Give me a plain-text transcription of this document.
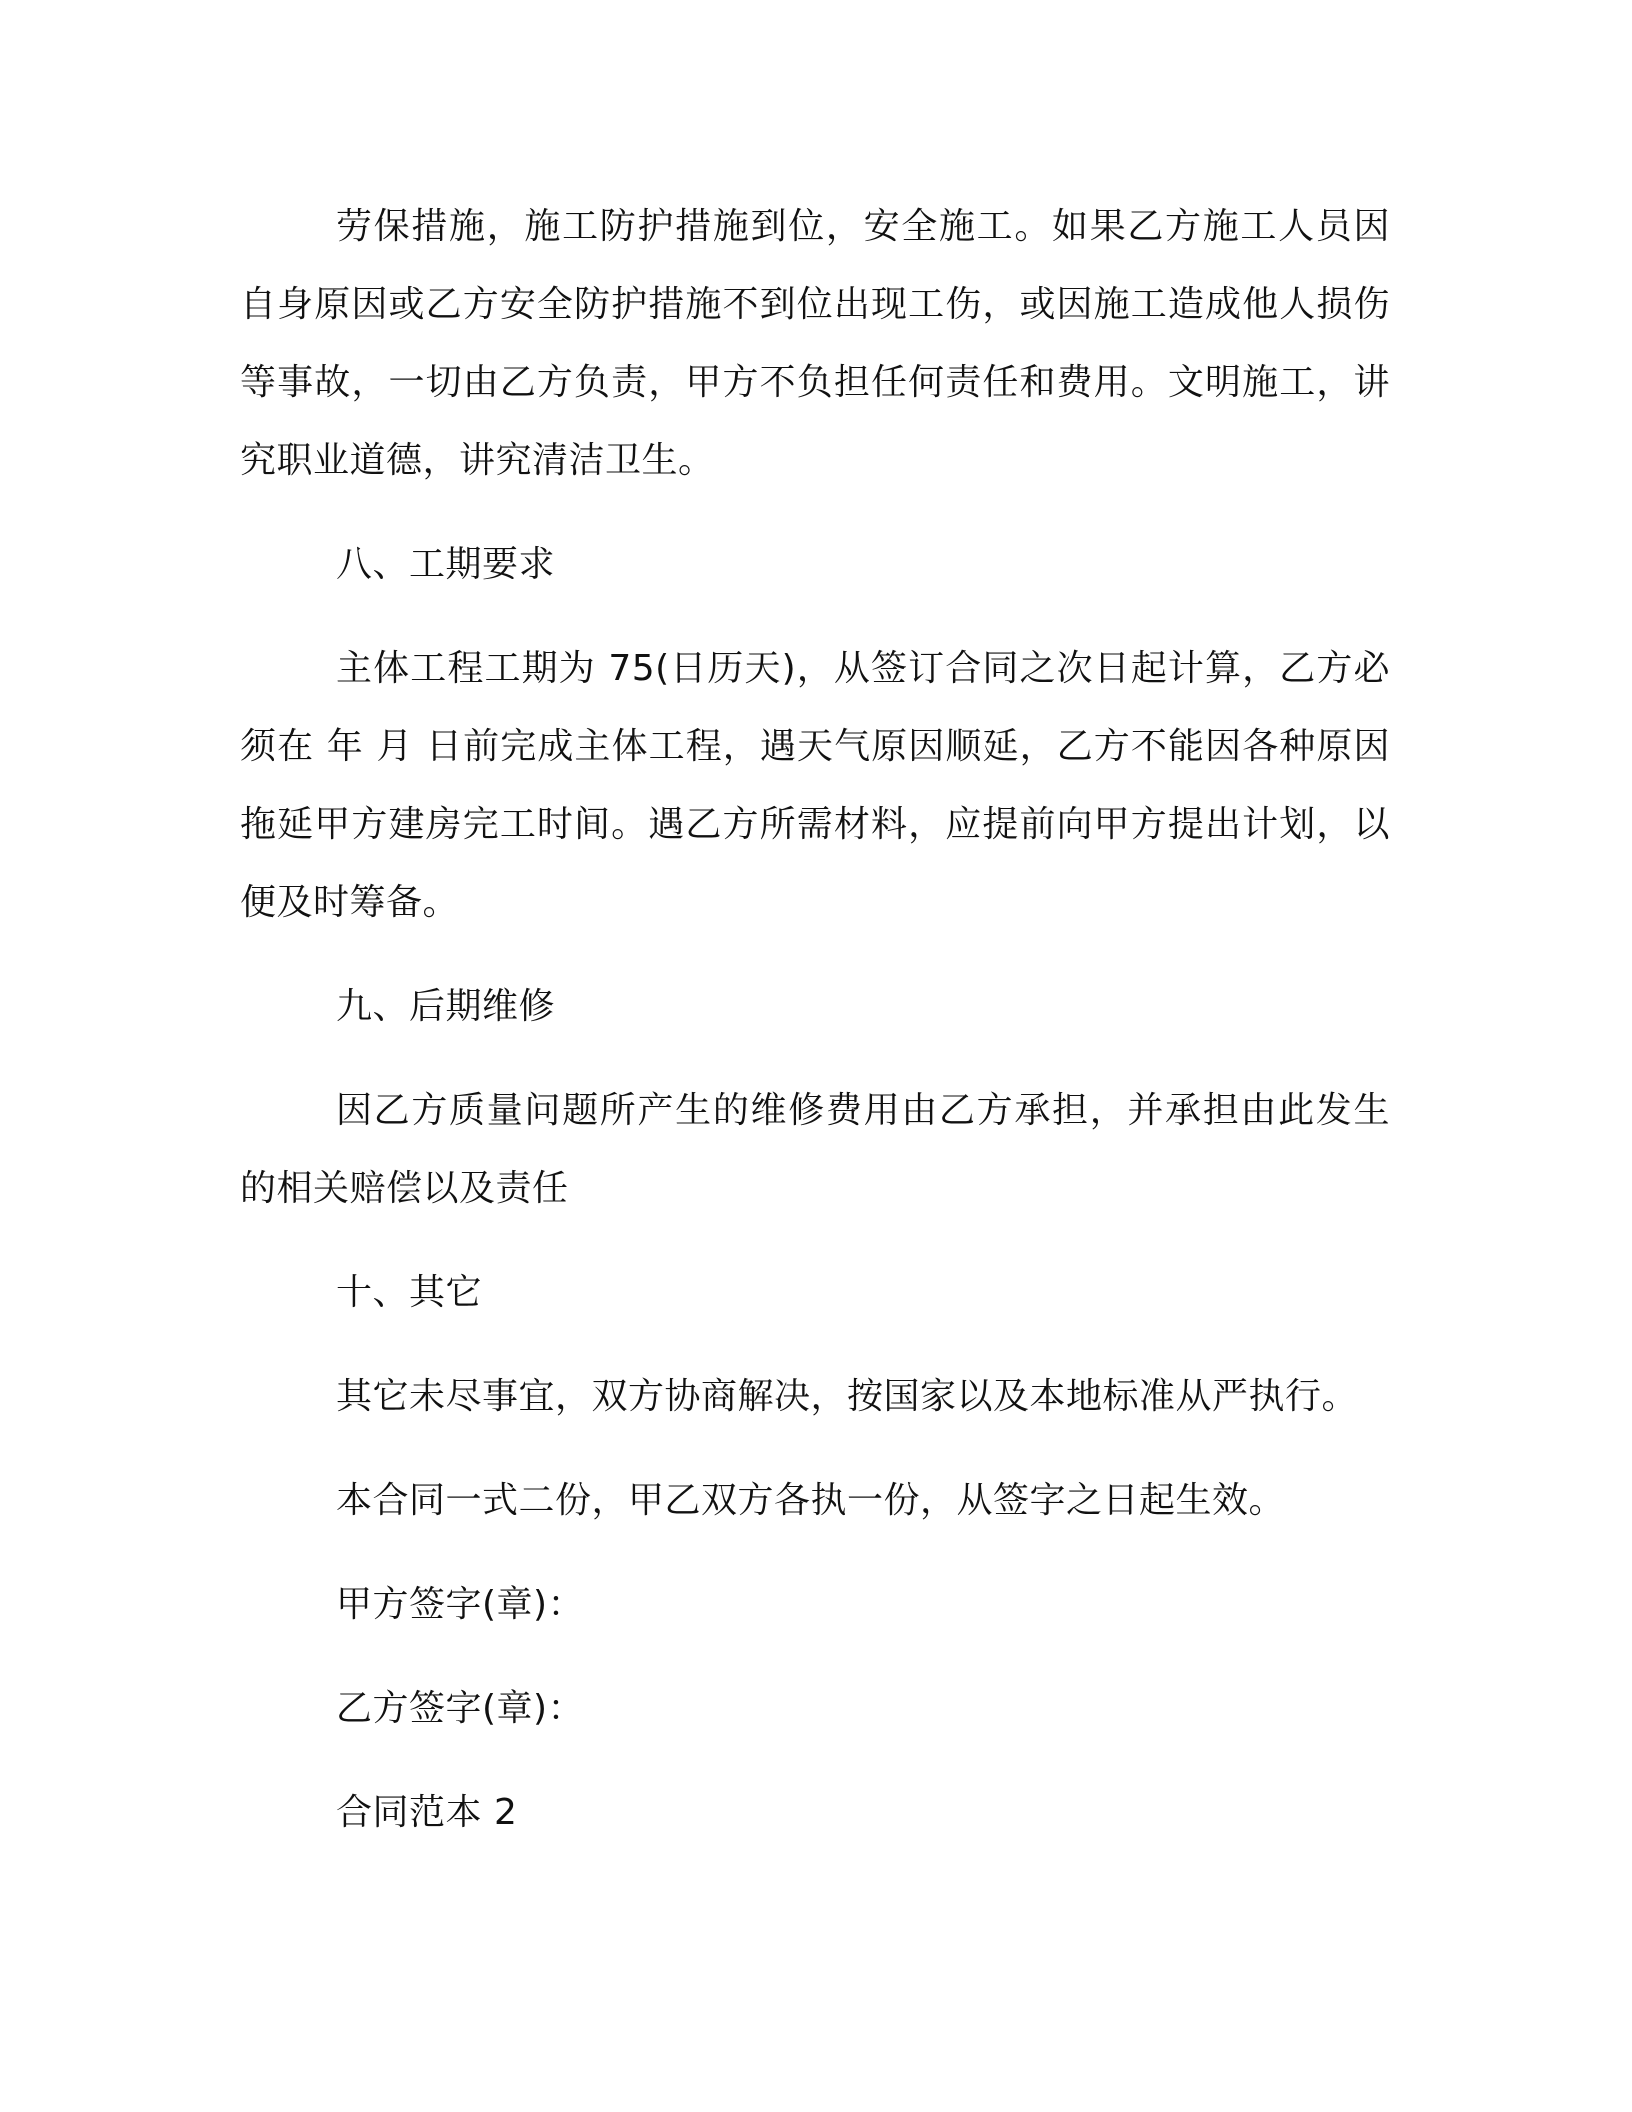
劳保措施，施工防护措施到位，安全施工。如果乙方施工人员因自身原因或乙方安全防护措施不到位出现工伤，或因施工造成他人损伤等事故，一切由乙方负责，甲方不负担任何责任和费用。文明施工，讲究职业道德，讲究清洁卫生。

八、工期要求

主体工程工期为 75(日历天)，从签订合同之次日起计算，乙方必须在 年 月 日前完成主体工程，遇天气原因顺延，乙方不能因各种原因拖延甲方建房完工时间。遇乙方所需材料，应提前向甲方提出计划，以便及时筹备。

九、后期维修

因乙方质量问题所产生的维修费用由乙方承担，并承担由此发生的相关赔偿以及责任

十、其它

其它未尽事宜，双方协商解决，按国家以及本地标准从严执行。

本合同一式二份，甲乙双方各执一份，从签字之日起生效。

甲方签字(章)：

乙方签字(章)：

合同范本 2
